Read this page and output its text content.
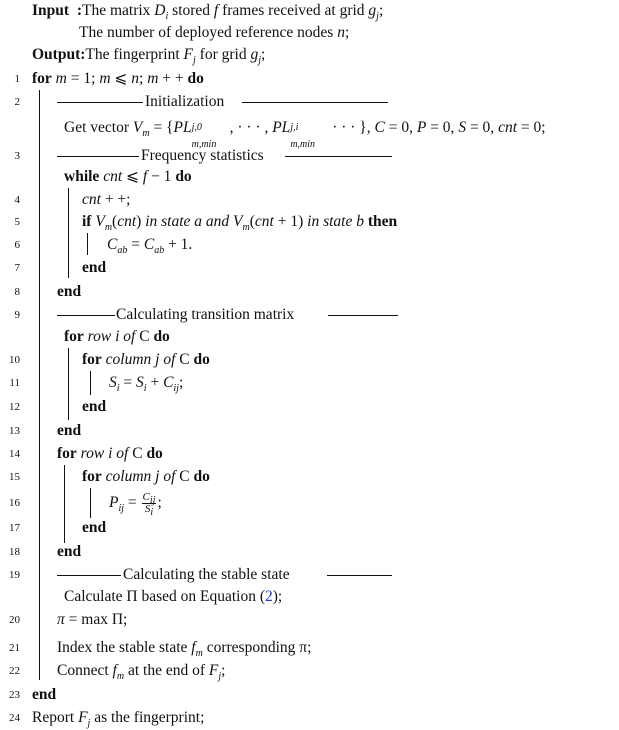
Input :The matrix $D_i$ stored f frames received at grid $g_j$;
The number of deployed reference nodes n;
Output:The fingerprint $F_j$ for grid $g_j$;
1 for m = 1; m ⩽ n; m + + do
2	Initialization
Get vector $V_m = \{PL$ j,0
m,min
, · · · , PL j,i
m,min
· · · }, C = 0, P = 0, S = 0, cnt = 0;
3	Frequency statistics
while cnt ⩽ f − 1 do
4	cnt + +;
5	if $V_m(cnt)$ in state a and $V_m(cnt + 1)$ in state b then
6	$C_{ab} = C_{ab} + 1$.
7	end
8 end
9	Calculating transition matrix
for row i of C do
10	for column j of C do
11	$S_i = S_i + C_{ij}$;
12	end
13 end
14 for row i of C do
15	for column j of C do
16	$P_{ij} = \frac{C_{ij}}{S_i}$ ;
17	end
18 end
19	Calculating the stable state
Calculate Π based on Equation (2);
20 π = max Π;
21 Index the stable state $f_m$ corresponding π;
22 Connect $f_m$ at the end of $F_j$;
23 end
24 Report $F_j$ as the fingerprint;
